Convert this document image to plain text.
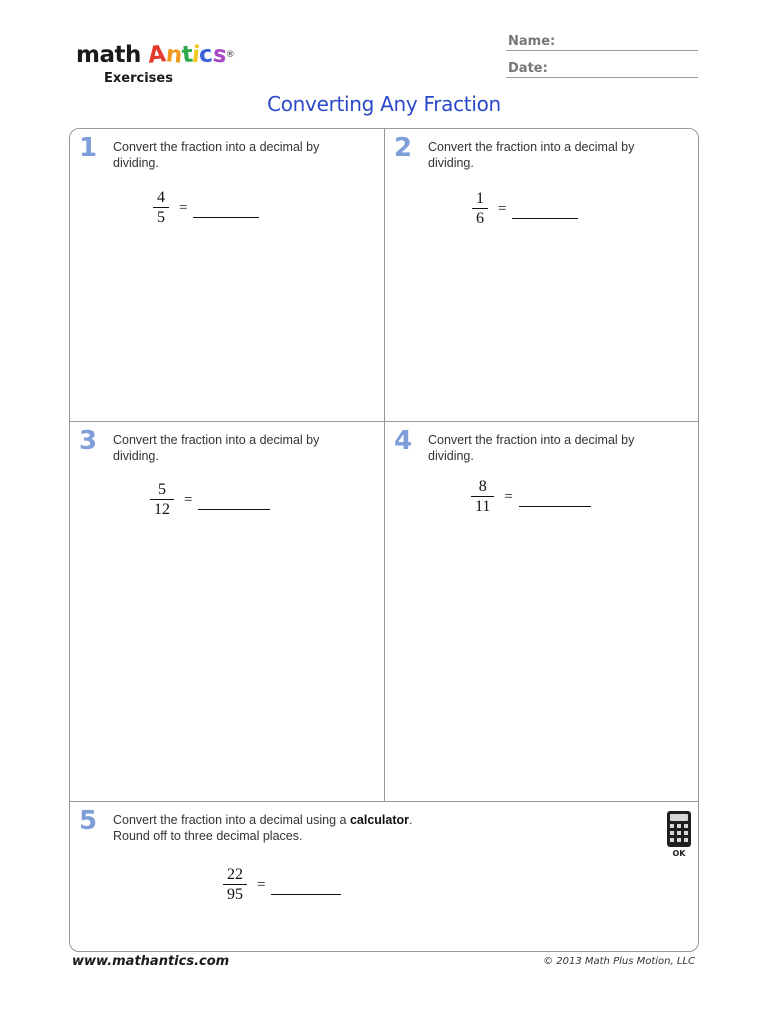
math Antics®
Exercises
Name:
Date:
Converting Any Fraction
1 Convert the fraction into a decimal by dividing.
$\frac{4}{5}$ =
2 Convert the fraction into a decimal by dividing.
$\frac{1}{6}$ =
3 Convert the fraction into a decimal by dividing.
$\frac{5}{12}$ =
4 Convert the fraction into a decimal by dividing.
$\frac{8}{11}$ =
5 Convert the fraction into a decimal using a calculator.
Round off to three decimal places.
$\frac{22}{95}$ =
OK
www.mathantics.com	© 2013 Math Plus Motion, LLC
